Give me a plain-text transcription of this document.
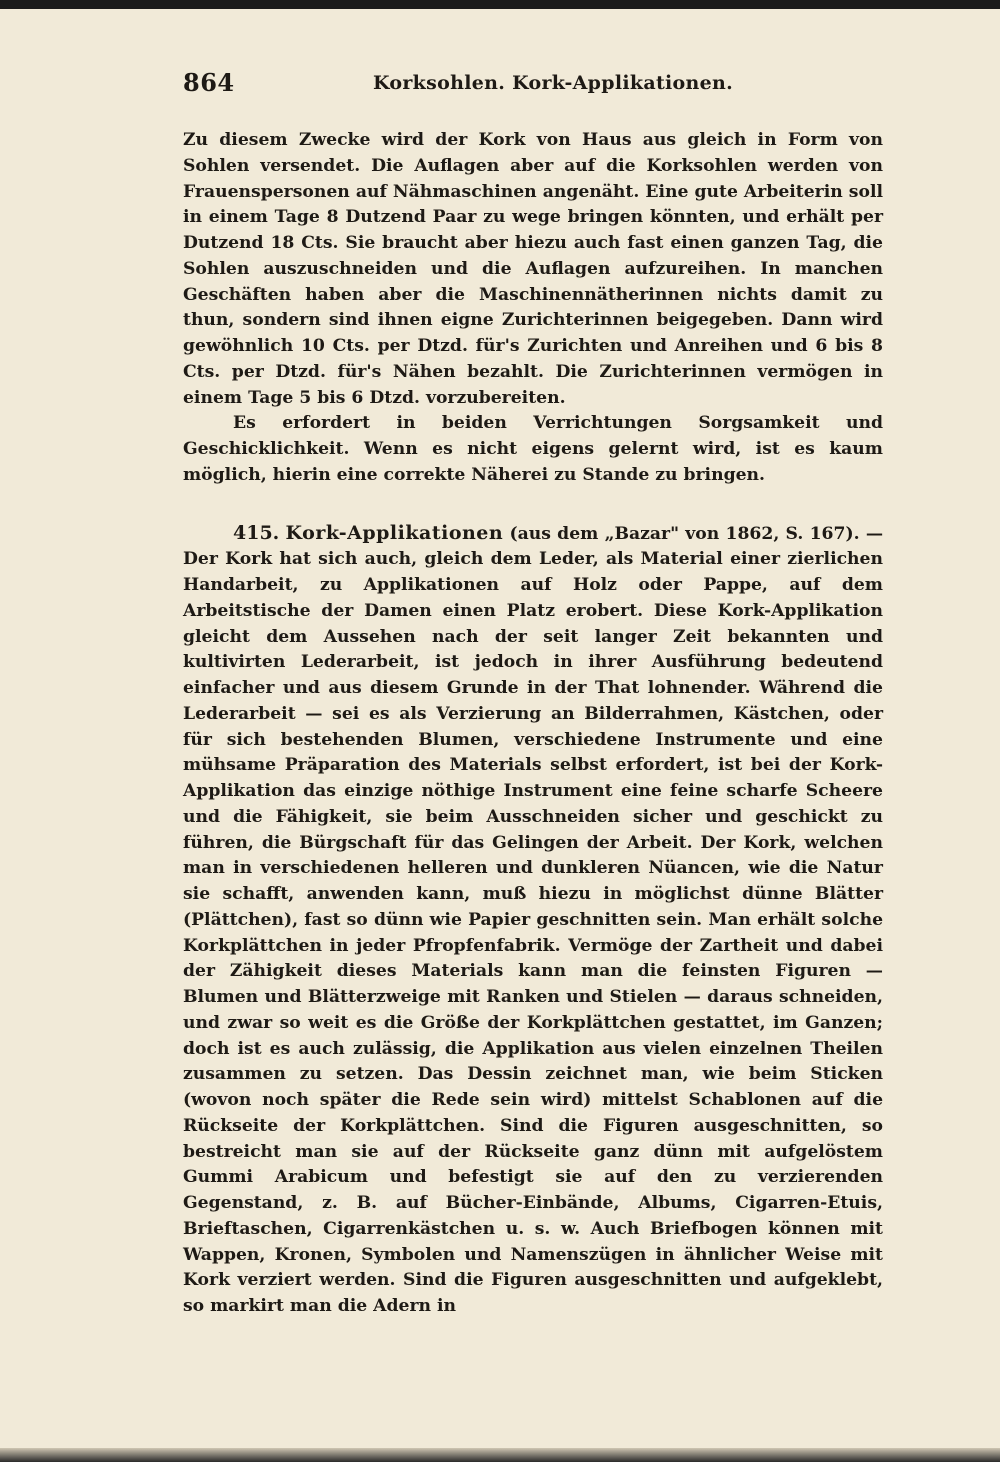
864	Korksohlen. Kork-Applikationen.

Zu diesem Zwecke wird der Kork von Haus aus gleich in Form von Sohlen versendet. Die Auflagen aber auf die Korksohlen werden von Frauenspersonen auf Nähmaschinen angenäht. Eine gute Arbeiterin soll in einem Tage 8 Dutzend Paar zu wege bringen könnten, und erhält per Dutzend 18 Cts. Sie braucht aber hiezu auch fast einen ganzen Tag, die Sohlen auszuschneiden und die Auflagen aufzureihen. In manchen Geschäften haben aber die Maschinennätherinnen nichts damit zu thun, sondern sind ihnen eigne Zurichterinnen beigegeben. Dann wird gewöhnlich 10 Cts. per Dtzd. für's Zurichten und Anreihen und 6 bis 8 Cts. per Dtzd. für's Nähen bezahlt. Die Zurichterinnen vermögen in einem Tage 5 bis 6 Dtzd. vorzubereiten.

Es erfordert in beiden Verrichtungen Sorgsamkeit und Geschicklichkeit. Wenn es nicht eigens gelernt wird, ist es kaum möglich, hierin eine correkte Näherei zu Stande zu bringen.

415. Kork-Applikationen (aus dem „Bazar" von 1862, S. 167). — Der Kork hat sich auch, gleich dem Leder, als Material einer zierlichen Handarbeit, zu Applikationen auf Holz oder Pappe, auf dem Arbeitstische der Damen einen Platz erobert. Diese Kork-Applikation gleicht dem Aussehen nach der seit langer Zeit bekannten und kultivirten Lederarbeit, ist jedoch in ihrer Ausführung bedeutend einfacher und aus diesem Grunde in der That lohnender. Während die Lederarbeit — sei es als Verzierung an Bilderrahmen, Kästchen, oder für sich bestehenden Blumen, verschiedene Instrumente und eine mühsame Präparation des Materials selbst erfordert, ist bei der Kork-Applikation das einzige nöthige Instrument eine feine scharfe Scheere und die Fähigkeit, sie beim Ausschneiden sicher und geschickt zu führen, die Bürgschaft für das Gelingen der Arbeit. Der Kork, welchen man in verschiedenen helleren und dunkleren Nüancen, wie die Natur sie schafft, anwenden kann, muß hiezu in möglichst dünne Blätter (Plättchen), fast so dünn wie Papier geschnitten sein. Man erhält solche Korkplättchen in jeder Pfropfenfabrik. Vermöge der Zartheit und dabei der Zähigkeit dieses Materials kann man die feinsten Figuren — Blumen und Blätterzweige mit Ranken und Stielen — daraus schneiden, und zwar so weit es die Größe der Korkplättchen gestattet, im Ganzen; doch ist es auch zulässig, die Applikation aus vielen einzelnen Theilen zusammen zu setzen. Das Dessin zeichnet man, wie beim Sticken (wovon noch später die Rede sein wird) mittelst Schablonen auf die Rückseite der Korkplättchen. Sind die Figuren ausgeschnitten, so bestreicht man sie auf der Rückseite ganz dünn mit aufgelöstem Gummi Arabicum und befestigt sie auf den zu verzierenden Gegenstand, z. B. auf Bücher-Einbände, Albums, Cigarren-Etuis, Brieftaschen, Cigarrenkästchen u. s. w. Auch Briefbogen können mit Wappen, Kronen, Symbolen und Namenszügen in ähnlicher Weise mit Kork verziert werden. Sind die Figuren ausgeschnitten und aufgeklebt, so markirt man die Adern in
